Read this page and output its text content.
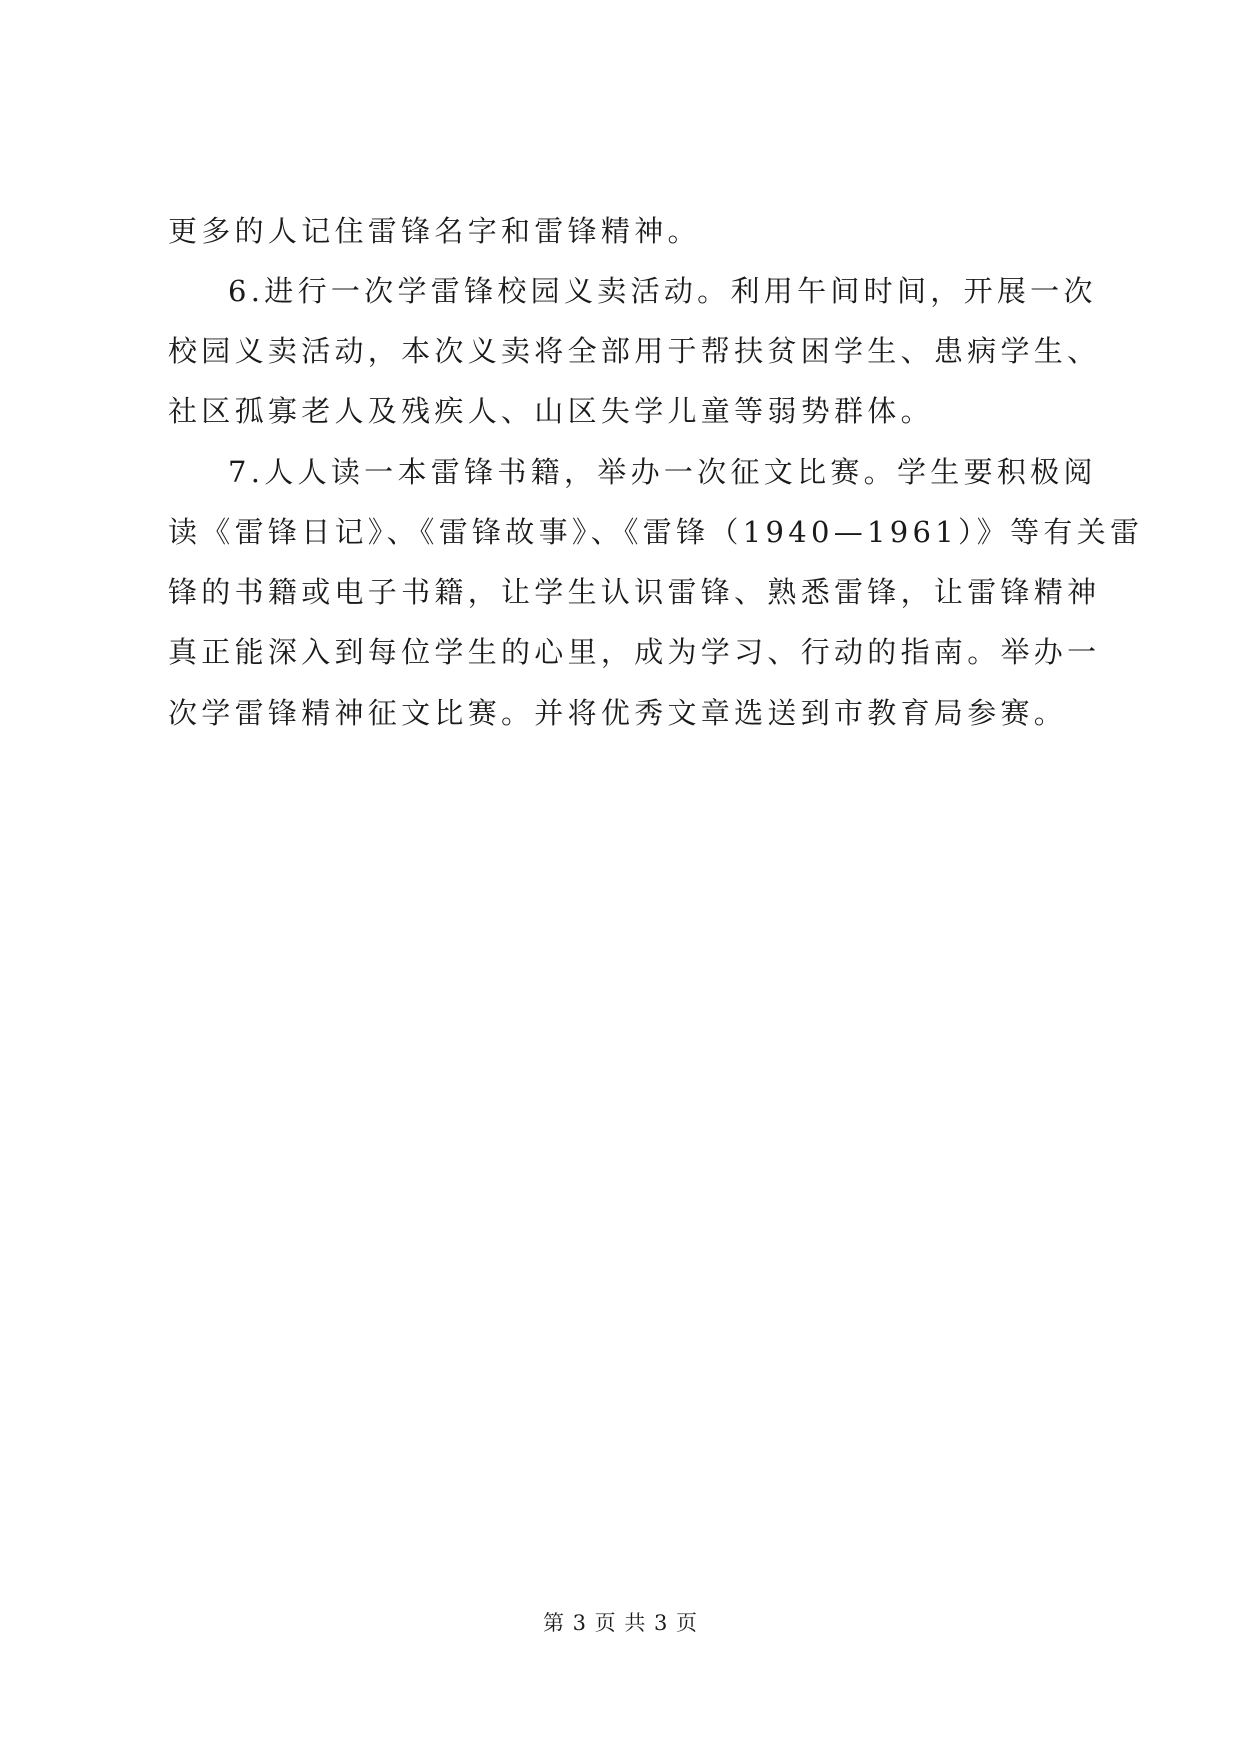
更多的人记住雷锋名字和雷锋精神。
6.进行一次学雷锋校园义卖活动。利用午间时间，开展一次
校园义卖活动，本次义卖将全部用于帮扶贫困学生、患病学生、
社区孤寡老人及残疾人、山区失学儿童等弱势群体。
7.人人读一本雷锋书籍，举办一次征文比赛。学生要积极阅
读《雷锋日记》、《雷锋故事》、《雷锋（1940—1961）》等有关雷
锋的书籍或电子书籍，让学生认识雷锋、熟悉雷锋，让雷锋精神
真正能深入到每位学生的心里，成为学习、行动的指南。举办一
次学雷锋精神征文比赛。并将优秀文章选送到市教育局参赛。
第 3 页 共 3 页
